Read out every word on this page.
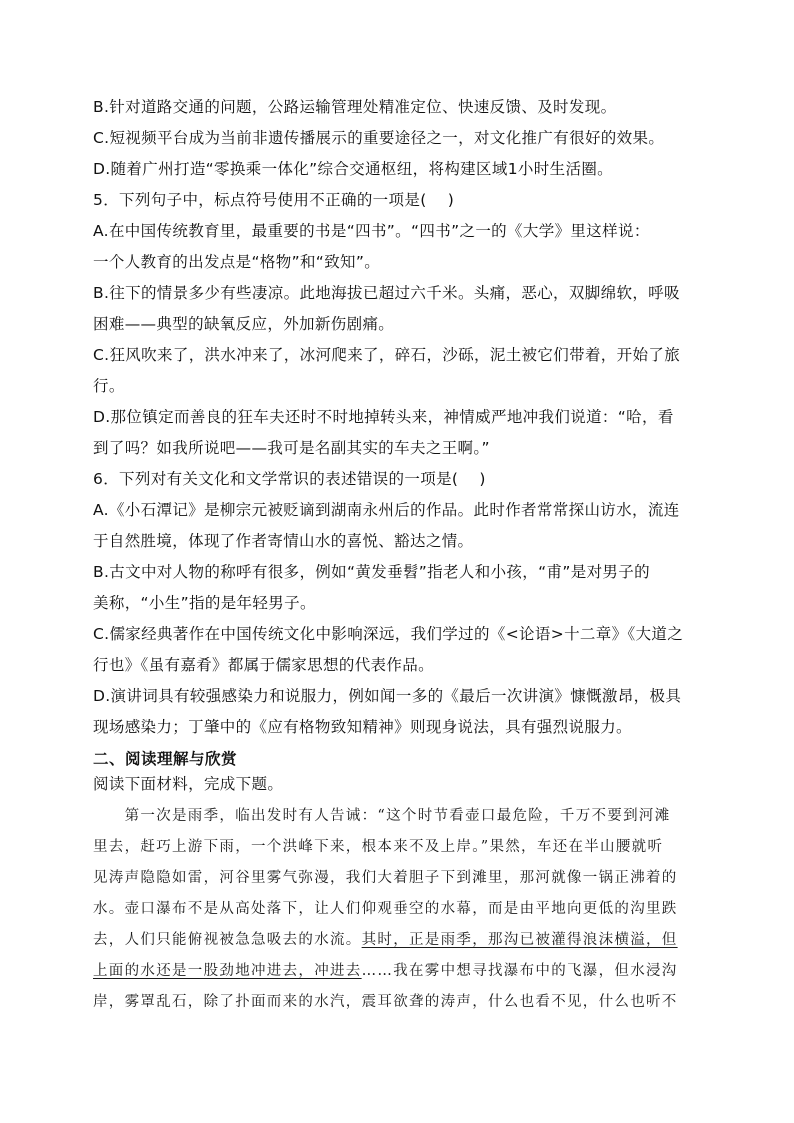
B.针对道路交通的问题，公路运输管理处精准定位、快速反馈、及时发现。
C.短视频平台成为当前非遗传播展示的重要途径之一，对文化推广有很好的效果。
D.随着广州打造“零换乘一体化”综合交通枢纽，将构建区域1小时生活圈。
5．下列句子中，标点符号使用不正确的一项是(　 )
A.在中国传统教育里，最重要的书是“四书”。“四书”之一的《大学》里这样说：
一个人教育的出发点是“格物”和“致知”。
B.往下的情景多少有些凄凉。此地海拔已超过六千米。头痛，恶心，双脚绵软，呼吸
困难——典型的缺氧反应，外加新伤剧痛。
C.狂风吹来了，洪水冲来了，冰河爬来了，碎石，沙砾，泥土被它们带着，开始了旅
行。
D.那位镇定而善良的狂车夫还时不时地掉转头来，神情威严地冲我们说道：“哈，看
到了吗？如我所说吧——我可是名副其实的车夫之王啊。”
6．下列对有关文化和文学常识的表述错误的一项是(　 )
A.《小石潭记》是柳宗元被贬谪到湖南永州后的作品。此时作者常常探山访水，流连
于自然胜境，体现了作者寄情山水的喜悦、豁达之情。
B.古文中对人物的称呼有很多，例如“黄发垂髫”指老人和小孩，“甫”是对男子的
美称，“小生”指的是年轻男子。
C.儒家经典著作在中国传统文化中影响深远，我们学过的《<论语>十二章》《大道之
行也》《虽有嘉肴》都属于儒家思想的代表作品。
D.演讲词具有较强感染力和说服力，例如闻一多的《最后一次讲演》慷慨激昂，极具
现场感染力；丁肇中的《应有格物致知精神》则现身说法，具有强烈说服力。
二、阅读理解与欣赏
阅读下面材料，完成下题。
　　第一次是雨季，临出发时有人告诫：“这个时节看壶口最危险，千万不要到河滩
里去，赶巧上游下雨，一个洪峰下来，根本来不及上岸。”果然，车还在半山腰就听
见涛声隐隐如雷，河谷里雾气弥漫，我们大着胆子下到滩里，那河就像一锅正沸着的
水。壶口瀑布不是从高处落下，让人们仰观垂空的水幕，而是由平地向更低的沟里跌
去，人们只能俯视被急急吸去的水流。其时，正是雨季，那沟已被灌得浪沫横溢，但
上面的水还是一股劲地冲进去，冲进去……我在雾中想寻找瀑布中的飞瀑，但水浸沟
岸，雾罩乱石，除了扑面而来的水汽，震耳欲聋的涛声，什么也看不见，什么也听不
